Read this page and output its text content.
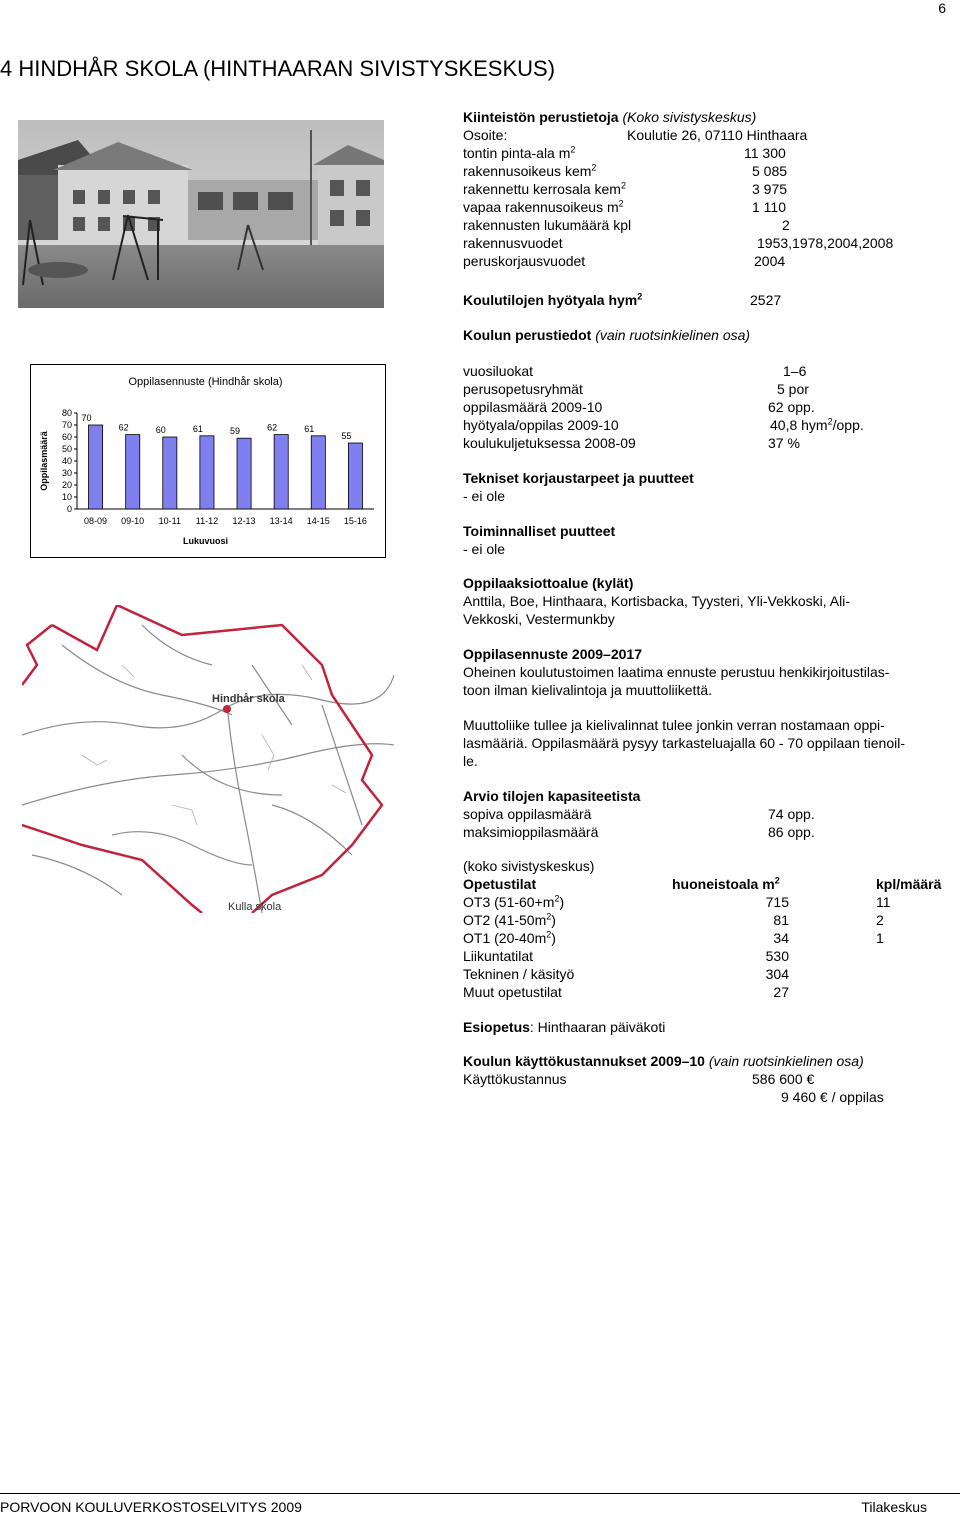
6
4 HINDHÅR SKOLA (HINTHAARAN SIVISTYSKESKUS)
Kiinteistön perustietoja (Koko sivistyskeskus)
Osoite:	Koulutie 26, 07110 Hinthaara
tontin pinta-ala $m^2$	11 300
rakennusoikeus kem$^2$	5 085
rakennettu kerrosala kem$^2$	3 975
vapaa rakennusoikeus $m^2$	1 110
rakennusten lukumäärä kpl	2
rakennusvuodet	1953,1978,2004,2008
peruskorjausvuodet	2004
Koulutilojen hyötyala hym$^2$	2527
Koulun perustiedot (vain ruotsinkielinen osa)
Oppilasennuste (Hindhår skola)
Lukuvuosi
Oppilasmäärä
0
10
20
30
40
50
60
70
80 70
08-09
62
09-10
60
10-11
61
11-12
59
12-13
62
13-14
61
14-15
55
15-16
vuosiluokat	1–6
perusopetusryhmät	5 por
oppilasmäärä 2009-10	62 opp.
hyötyala/oppilas 2009-10	40,8 hym$^2$/opp.
koulukuljetuksessa 2008-09	37 %
Tekniset korjaustarpeet ja puutteet
- ei ole
Toiminnalliset puutteet
- ei ole
Oppilaaksiottoalue (kylät)
Anttila, Boe, Hinthaara, Kortisbacka, Tyysteri, Yli-Vekkoski, Ali-
Vekkoski, Vestermunkby
Oppilasennuste 2009–2017
Oheinen koulutustoimen laatima ennuste perustuu henkikirjoitustilas-
toon ilman kielivalintoja ja muuttoliikettä.
Muuttoliike tullee ja kielivalinnat tulee jonkin verran nostamaan oppi-
lasmääriä. Oppilasmäärä pysyy tarkasteluajalla 60 - 70 oppilaan tienoil-
le.
Arvio tilojen kapasiteetista
sopiva oppilasmäärä	74 opp.
maksimioppilasmäärä	86 opp.
Hindhår skola
Kulla skola
(koko sivistyskeskus)
Opetustilat	huoneistoala $m^2$	kpl/määrä
OT3 $(51-60+m^2)$	715	11
OT2 $(41-50m^2)$	81	2
OT1 $(20-40m^2)$	34	1
Liikuntatilat	530
Tekninen / käsityö	304
Muut opetustilat	27
Esiopetus: Hinthaaran päiväkoti
Koulun käyttökustannukset 2009–10 (vain ruotsinkielinen osa)
Käyttökustannus	586 600 €
9 460 € / oppilas
PORVOON KOULUVERKOSTOSELVITYS 2009	Tilakeskus
